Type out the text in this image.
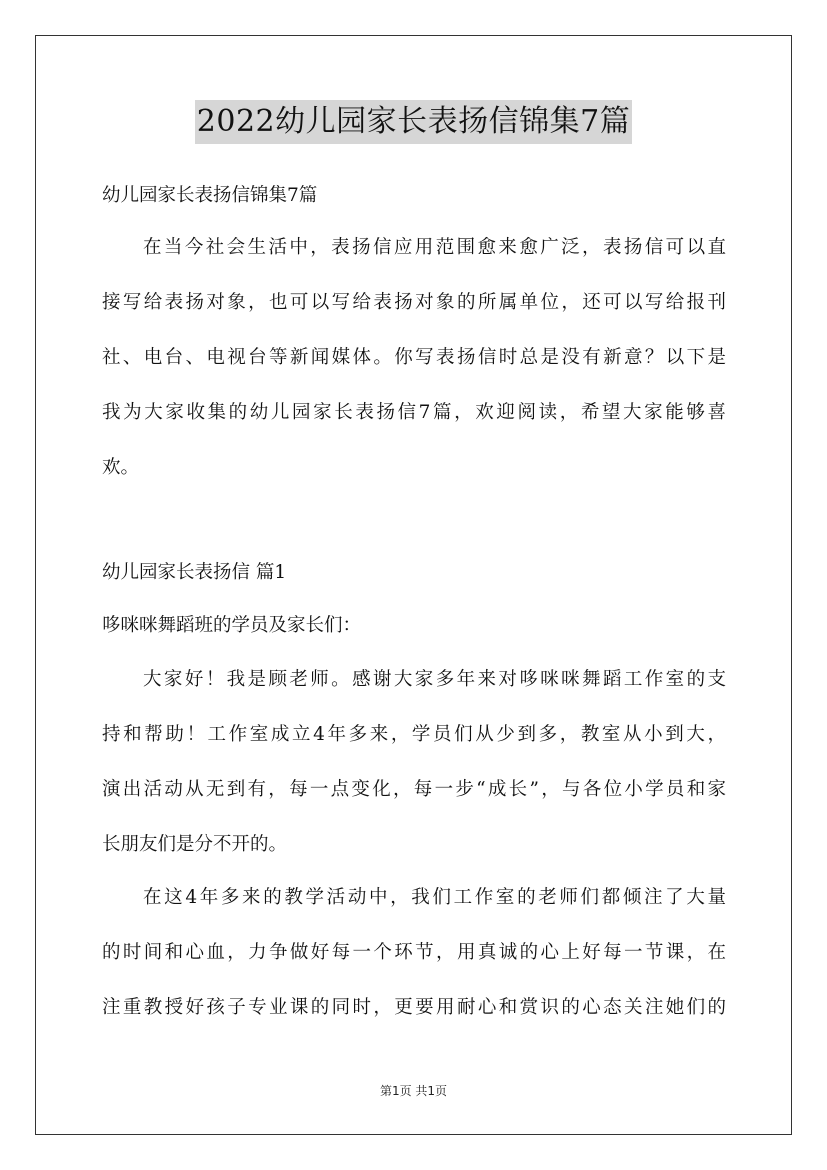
2022幼儿园家长表扬信锦集7篇
幼儿园家长表扬信锦集7篇
在当今社会生活中，表扬信应用范围愈来愈广泛，表扬信可以直
接写给表扬对象，也可以写给表扬对象的所属单位，还可以写给报刊
社、电台、电视台等新闻媒体。你写表扬信时总是没有新意？以下是
我为大家收集的幼儿园家长表扬信7篇，欢迎阅读，希望大家能够喜
欢。
幼儿园家长表扬信 篇1
哆咪咪舞蹈班的学员及家长们：
大家好！我是顾老师。感谢大家多年来对哆咪咪舞蹈工作室的支
持和帮助！工作室成立4年多来，学员们从少到多，教室从小到大，
演出活动从无到有，每一点变化，每一步“成长”，与各位小学员和家
长朋友们是分不开的。
在这4年多来的教学活动中，我们工作室的老师们都倾注了大量
的时间和心血，力争做好每一个环节，用真诚的心上好每一节课，在
注重教授好孩子专业课的同时，更要用耐心和赏识的心态关注她们的
第1页 共1页
